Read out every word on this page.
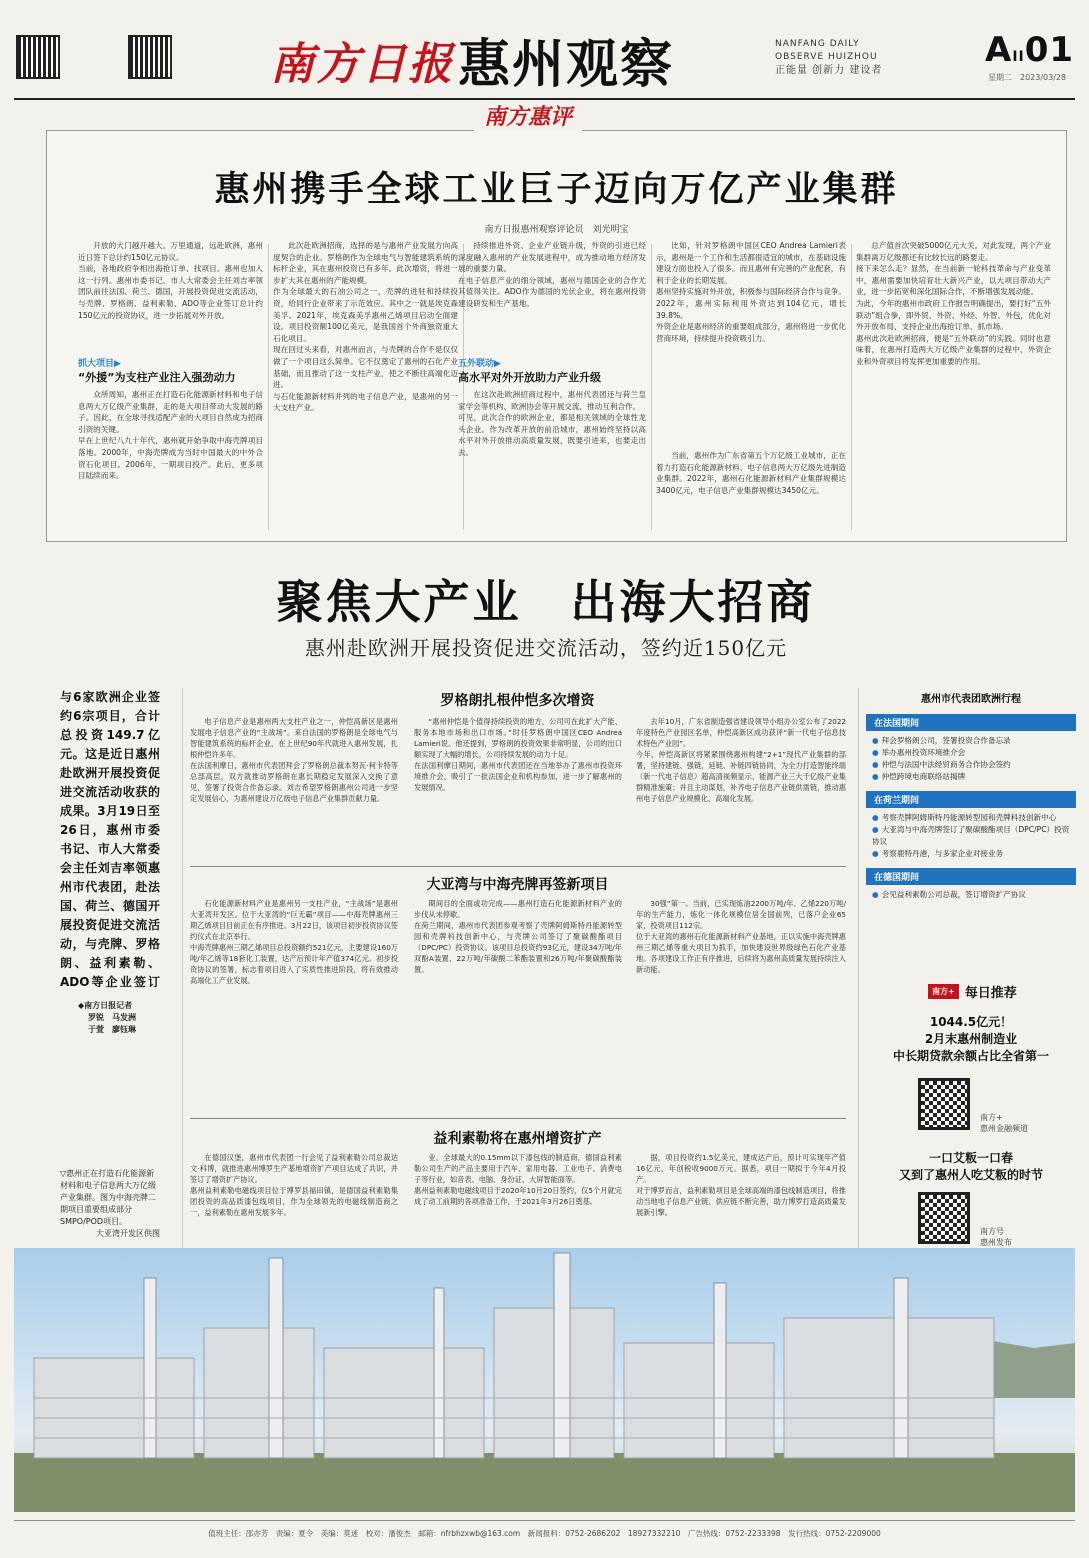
南方日报 惠州观察	NANFANG DAILY
OBSERVE HUIZHOU
正能量 创新力 建设者
AII01
星期二　 2023/03/28
南方惠评
惠州携手全球工业巨子迈向万亿产业集群
南方日报惠州观察评论员　刘光明宝
开放的大门越开越大。万里通道，远赴欧洲，惠州近日签下总计约150亿元协议。
当前，各地政府争相出海抢订单、找项目。惠州也加入这一行列。惠州市委书记、市人大常委会主任刘吉率领团队前往法国、荷兰、德国，开展投资促进交流活动，与壳牌、罗格朗、益利素勒、ADO等企业签订总计约150亿元的投资协议，进一步拓展对外开放。
抓大项目▶
“外援”为支柱产业注入强劲动力
众所周知，惠州正在打造石化能源新材料和电子信息两大万亿级产业集群，走的是大项目带动大发展的路子。因此，在全球寻找适配产业的大项目自然成为招商引资的关键。
早在上世纪八九十年代，惠州就开始争取中海壳牌项目落地。2000年，中海壳牌成为当时中国最大的中外合资石化项目。2006年，一期项目投产。此后，更多项目陆续而来。
此次赴欧洲招商，选择的是与惠州产业发展方向高度契合的企业。罗格朗作为全球电气与智能建筑系统的标杆企业，其在惠州投资已有多年。此次增资，将进一步扩大其在惠州的产能规模。
作为全球最大的石油公司之一，壳牌的进驻和持续投资，给同行企业带来了示范效应。其中之一就是埃克森美孚。2021年，埃克森美孚惠州乙烯项目启动全面建设。项目投资额100亿美元，是我国首个外商独资重大石化项目。
现在回过头来看，对惠州而言，与壳牌的合作不是仅仅做了一个项目这么简单。它不仅奠定了惠州的石化产业基础，而且推动了这一支柱产业，使之不断往高端化迈进。
与石化能源新材料并列的电子信息产业，是惠州的另一大支柱产业。
持续推进外资、企业产业链升级，外资的引进已经深度融入惠州的产业发展进程中，成为推动地方经济发展的重要力量。
在电子信息产业的细分领域，惠州与德国企业的合作尤其值得关注。ADO作为德国的光伏企业，将在惠州投资建设研发和生产基地。
五外联动▶
高水平对外开放助力产业升级
在这次赴欧洲招商过程中，惠州代表团还与荷兰皇家学会等机构、欧洲协会等开展交流，推动互利合作。
可见，此次合作的欧洲企业，都是相关领域的全球性龙头企业。作为改革开放的前沿城市，惠州始终坚持以高水平对外开放推动高质量发展，既要引进来，也要走出去。
比如，针对罗格朗中国区CEO Andrea Lamieri表示，惠州是一个工作和生活都很适宜的城市，在基础设施建设方面也投入了很多。而且惠州有完善的产业配套，有利于企业的长期发展。
惠州坚持实施对外开放，积极参与国际经济合作与竞争。2022年，惠州实际利用外资达到104亿元，增长39.8%。
外资企业是惠州经济的重要组成部分，惠州将进一步优化营商环境，持续提升投资吸引力。
当前，惠州作为广东省第五个万亿级工业城市，正在着力打造石化能源新材料、电子信息两大万亿级先进制造业集群。2022年，惠州石化能源新材料产业集群规模达3400亿元，电子信息产业集群规模达3450亿元。
总产值首次突破5000亿元大关。对此发现，两个产业集群离万亿级都还有比较长远的路要走。
接下来怎么走？显然，在当前新一轮科技革命与产业变革中，惠州需要加快培育壮大新兴产业，以大项目带动大产业，进一步拓宽和深化国际合作，不断增强发展动能。
为此，今年的惠州市政府工作报告明确提出，要打好“五外联动”组合拳，即外贸、外资、外经、外智、外包，优化对外开放布局，支持企业出海抢订单、抓市场。
惠州此次赴欧洲招商，便是“五外联动”的实践。同时也意味着，在惠州打造两大万亿级产业集群的过程中，外资企业和外资项目将发挥更加重要的作用。
聚焦大产业　出海大招商
惠州赴欧洲开展投资促进交流活动，签约近150亿元
与6家欧洲企业签约6宗项目，合计总投资149.7亿元。这是近日惠州赴欧洲开展投资促进交流活动收获的成果。3月19日至26日，惠州市委书记、市人大常委会主任刘吉率领惠州市代表团，赴法国、荷兰、德国开展投资促进交流活动，与壳牌、罗格朗、益利素勒、ADO等企业签订
◆南方日报记者
罗锐　马发洲
于萱　廖钰琳
▽惠州正在打造石化能源新材料和电子信息两大万亿级产业集群。图为中海壳牌二期项目重要组成部分SMPO/POD项目。
大亚湾开发区供图
罗格朗扎根仲恺多次增资
电子信息产业是惠州两大支柱产业之一，仲恺高新区是惠州发展电子信息产业的“主战场”。来自法国的罗格朗是全球电气与智能建筑系统的标杆企业，在上世纪90年代就进入惠州发展，扎根仲恺许多年。
在法国利摩日，惠州市代表团拜会了罗格朗总裁本努瓦·柯卡特等总部高层，双方就推动罗格朗在惠长期稳定发展深入交换了意见，签署了投资合作备忘录。刘吉希望罗格朗惠州公司进一步坚定发展信心，为惠州建设万亿级电子信息产业集群贡献力量。
“惠州仲恺是个值得持续投资的地方，公司可在此扩大产能、服务本地市场和出口市场。”时任罗格朗中国区CEO Andrea Lamieri说。他还提到，罗格朗的投资效果非常明显，公司的出口额实现了大幅的增长，公司持续发展的动力十足。
在法国利摩日期间，惠州市代表团还在当地举办了惠州市投资环境推介会，吸引了一批法国企业和机构参加，进一步了解惠州的发展情况。
去年10月，广东省制造强省建设领导小组办公室公布了2022年度特色产业园区名单，仲恺高新区成功获评“新一代电子信息技术特色产业园”。
今年，仲恺高新区将紧紧围绕惠州构建“2+1”现代产业集群的部署，坚持建链、强链、延链、补链四链协同，为全力打造智能终端（新一代电子信息）超高清视频显示、能源产业三大千亿级产业集群精准施策；并且主动谋划，补齐电子信息产业链供需链，推动惠州电子信息产业规模化、高端化发展。
大亚湾与中海壳牌再签新项目
石化能源新材料产业是惠州另一支柱产业，“主战场”是惠州大亚湾开发区。位于大亚湾的“巨无霸”项目——中海壳牌惠州三期乙烯项目目前正在有序推进。3月22日，该项目初步投资协议签约仪式在北京举行。
中海壳牌惠州三期乙烯项目总投资额约521亿元，主要建设160万吨/年乙烯等18套化工装置，达产后预计年产值374亿元。初步投资协议的签署，标志着项目进入了实质性推进阶段，将有效推动高端化工产业发展。
期间目的全面或功完成——惠州打造石化能源新材料产业的步伐从未停歇。
在荷兰期间，惠州市代表团参观考察了壳牌阿姆斯特丹能源转型园和壳牌科技创新中心，与壳牌公司签订了聚碳酸酯项目（DPC/PC）投资协议。该项目总投资约93亿元，建设34万吨/年双酚A装置、22万吨/年碳酸二苯酯装置和26万吨/年聚碳酸酯装置。
30强”第一。当前，已实现炼油2200万吨/年、乙烯220万吨/年的生产能力，炼化一体化规模位居全国前列，已落户企业65家，投资项目112宗。
位于大亚湾的惠州石化能源新材料产业基地，正以实施中海壳牌惠州三期乙烯等重大项目为抓手，加快建设世界级绿色石化产业基地。各项建设工作正有序推进，后续将为惠州高质量发展持续注入新动能。
益利素勒将在惠州增资扩产
在德国汉堡，惠州市代表团一行会见了益利素勒公司总裁达文·科博，就推进惠州博罗生产基地增资扩产项目达成了共识，并签订了增资扩产协议。
惠州益利素勒电磁线项目位于博罗县福田镇，是德国益利素勒集团投资的高品质漆包线项目，作为全球领先的电磁线制造商之一，益利素勒在惠州发展多年。
业。全球最大的0.15mm以下漆包线的制造商，德国益利素勒公司生产的产品主要用于汽车、家用电器、工业电子、消费电子等行业，如音表、电脑、身份证、大屏智能面等。
惠州益利素勒电磁线项目于2020年10月20日签约，仅5个月就完成了动工前期的各项准备工作，于2021年3月26日奠基。
据，项目投资约1.5亿美元，建成达产后，预计可实现年产值16亿元，年创税收9000万元。据悉，项目一期拟于今年4月投产。
对于博罗而言，益利素勒项目是全球高端的漆包线制造项目，将推动当地电子信息产业链、供应链不断完善，助力博罗打造高质量发展新引擎。
惠州市代表团欧洲行程
在法国期间
● 拜会罗格朗公司，签署投资合作备忘录
● 举办惠州投资环境推介会
● 仲恺与法国中法经贸商务合作协会签约
● 仲恺跨境电商联络站揭牌
在荷兰期间
● 考察壳牌阿姆斯特丹能源转型园和壳牌科技创新中心
● 大亚湾与中海壳牌签订了聚碳酸酯项目（DPC/PC）投资协议
● 考察鹿特丹港，与多家企业对接业务
在德国期间
● 会见益利素勒公司总裁，签订增资扩产协议
南方+ 每日推荐
1044.5亿元！
2月末惠州制造业
中长期贷款余额占比全省第一
南方+
惠州金融频道
一口艾粄一口春
又到了惠州人吃艾粄的时节
南方号
惠州发布
值班主任：邵亦芳　责编：夏令　美编：莫迷　校对：潘俊杰　邮箱：nfrbhzxwb@163.com　新闻报料：0752-2686202　18927332210　广告热线：0752-2233398　发行热线：0752-2209000
